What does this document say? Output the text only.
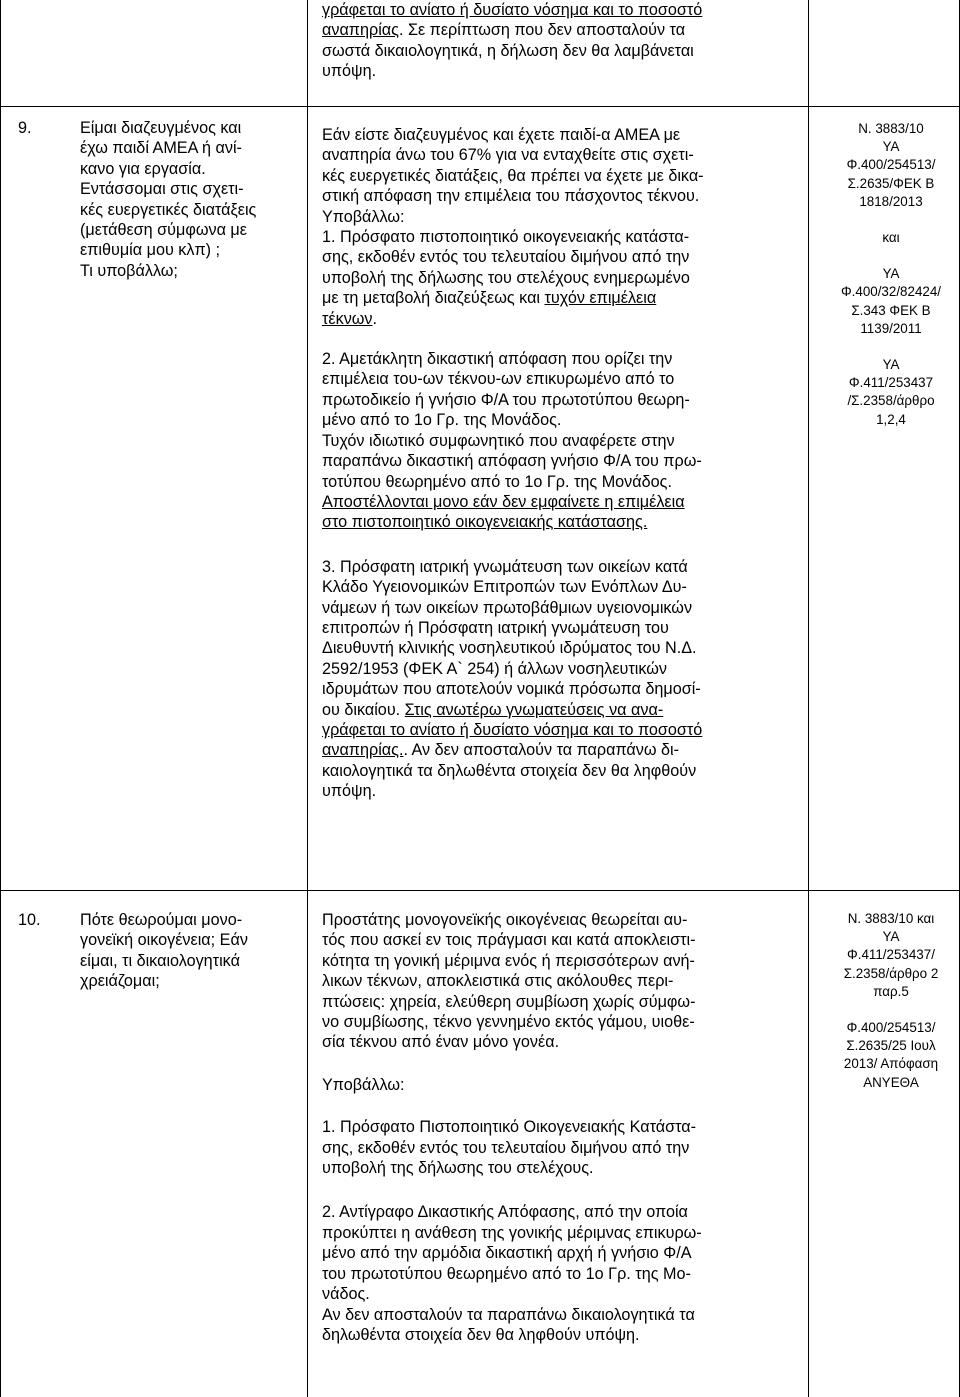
γράφεται το ανίατο ή δυσίατο νόσημα και το ποσοστό

αναπηρίας. Σε περίπτωση που δεν αποσταλούν τα

σωστά δικαιολογητικά, η δήλωση δεν θα λαμβάνεται

υπόψη.

9.	Είμαι διαζευγμένος και

έχω παιδί ΑΜΕΑ ή ανί-

κανο για εργασία.

Εντάσσομαι στις σχετι-

κές ευεργετικές διατάξεις

(μετάθεση σύμφωνα με

επιθυμία μου κλπ) ;

Τι υποβάλλω;

Εάν είστε διαζευγμένος και έχετε παιδί-α ΑΜΕΑ με

αναπηρία άνω του 67% για να ενταχθείτε στις σχετι-

κές ευεργετικές διατάξεις, θα πρέπει να έχετε με δικα-

στική απόφαση την επιμέλεια του πάσχοντος τέκνου.

Υποβάλλω:

1. Πρόσφατο πιστοποιητικό οικογενειακής κατάστα-

σης, εκδοθέν εντός του τελευταίου διμήνου από την

υποβολή της δήλωσης του στελέχους ενημερωμένο

με τη μεταβολή διαζεύξεως και τυχόν επιμέλεια

τέκνων.

2. Αμετάκλητη δικαστική απόφαση που ορίζει την

επιμέλεια του-ων τέκνου-ων επικυρωμένο από το

πρωτοδικείο ή γνήσιο Φ/Α του πρωτοτύπου θεωρη-

μένο από το 1ο Γρ. της Μονάδος.

Τυχόν ιδιωτικό συμφωνητικό που αναφέρετε στην

παραπάνω δικαστική απόφαση γνήσιο Φ/Α του πρω-

τοτύπου θεωρημένο από το 1ο Γρ. της Μονάδος.

Αποστέλλονται μονο εάν δεν εμφαίνετε η επιμέλεια

στο πιστοποιητικό οικογενειακής κατάστασης.

3. Πρόσφατη ιατρική γνωμάτευση των οικείων κατά

Κλάδο Υγειονομικών Επιτροπών των Ενόπλων Δυ-

νάμεων ή των οικείων πρωτοβάθμιων υγειονομικών

επιτροπών ή Πρόσφατη ιατρική γνωμάτευση του

Διευθυντή κλινικής νοσηλευτικού ιδρύματος του Ν.Δ.

2592/1953 (ΦΕΚ Α` 254) ή άλλων νοσηλευτικών

ιδρυμάτων που αποτελούν νομικά πρόσωπα δημοσί-

ου δικαίου. Στις ανωτέρω γνωματεύσεις να ανα-

γράφεται το ανίατο ή δυσίατο νόσημα και το ποσοστό

αναπηρίας.. Αν δεν αποσταλούν τα παραπάνω δι-

καιολογητικά τα δηλωθέντα στοιχεία δεν θα ληφθούν

υπόψη.

Ν. 3883/10

ΥΑ

Φ.400/254513/

Σ.2635/ΦΕΚ Β

1818/2013

και

ΥΑ

Φ.400/32/82424/

Σ.343 ΦΕΚ Β

1139/2011

ΥΑ

Φ.411/253437

/Σ.2358/άρθρο

1,2,4

10. Πότε θεωρούμαι μονο-

γονεϊκή οικογένεια; Εάν

είμαι, τι δικαιολογητικά

χρειάζομαι;

Προστάτης μονογονεϊκής οικογένειας θεωρείται αυ-

τός που ασκεί εν τοις πράγμασι και κατά αποκλειστι-

κότητα τη γονική μέριμνα ενός ή περισσότερων ανή-

λικων τέκνων, αποκλειστικά στις ακόλουθες περι-

πτώσεις: χηρεία, ελεύθερη συμβίωση χωρίς σύμφω-

νο συμβίωσης, τέκνο γεννημένο εκτός γάμου, υιοθε-

σία τέκνου από έναν μόνο γονέα.

Υποβάλλω:

1. Πρόσφατο Πιστοποιητικό Οικογενειακής Κατάστα-

σης, εκδοθέν εντός του τελευταίου διμήνου από την

υποβολή της δήλωσης του στελέχους.

2. Αντίγραφο Δικαστικής Απόφασης, από την οποία

προκύπτει η ανάθεση της γονικής μέριμνας επικυρω-

μένο από την αρμόδια δικαστική αρχή ή γνήσιο Φ/Α

του πρωτοτύπου θεωρημένο από το 1ο Γρ. της Μο-

νάδος.

Αν δεν αποσταλούν τα παραπάνω δικαιολογητικά τα

δηλωθέντα στοιχεία δεν θα ληφθούν υπόψη.

Ν. 3883/10 και

ΥΑ

Φ.411/253437/

Σ.2358/άρθρο 2

παρ.5

Φ.400/254513/

Σ.2635/25 Ιουλ

2013/ Απόφαση

ΑΝΥΕΘΑ
